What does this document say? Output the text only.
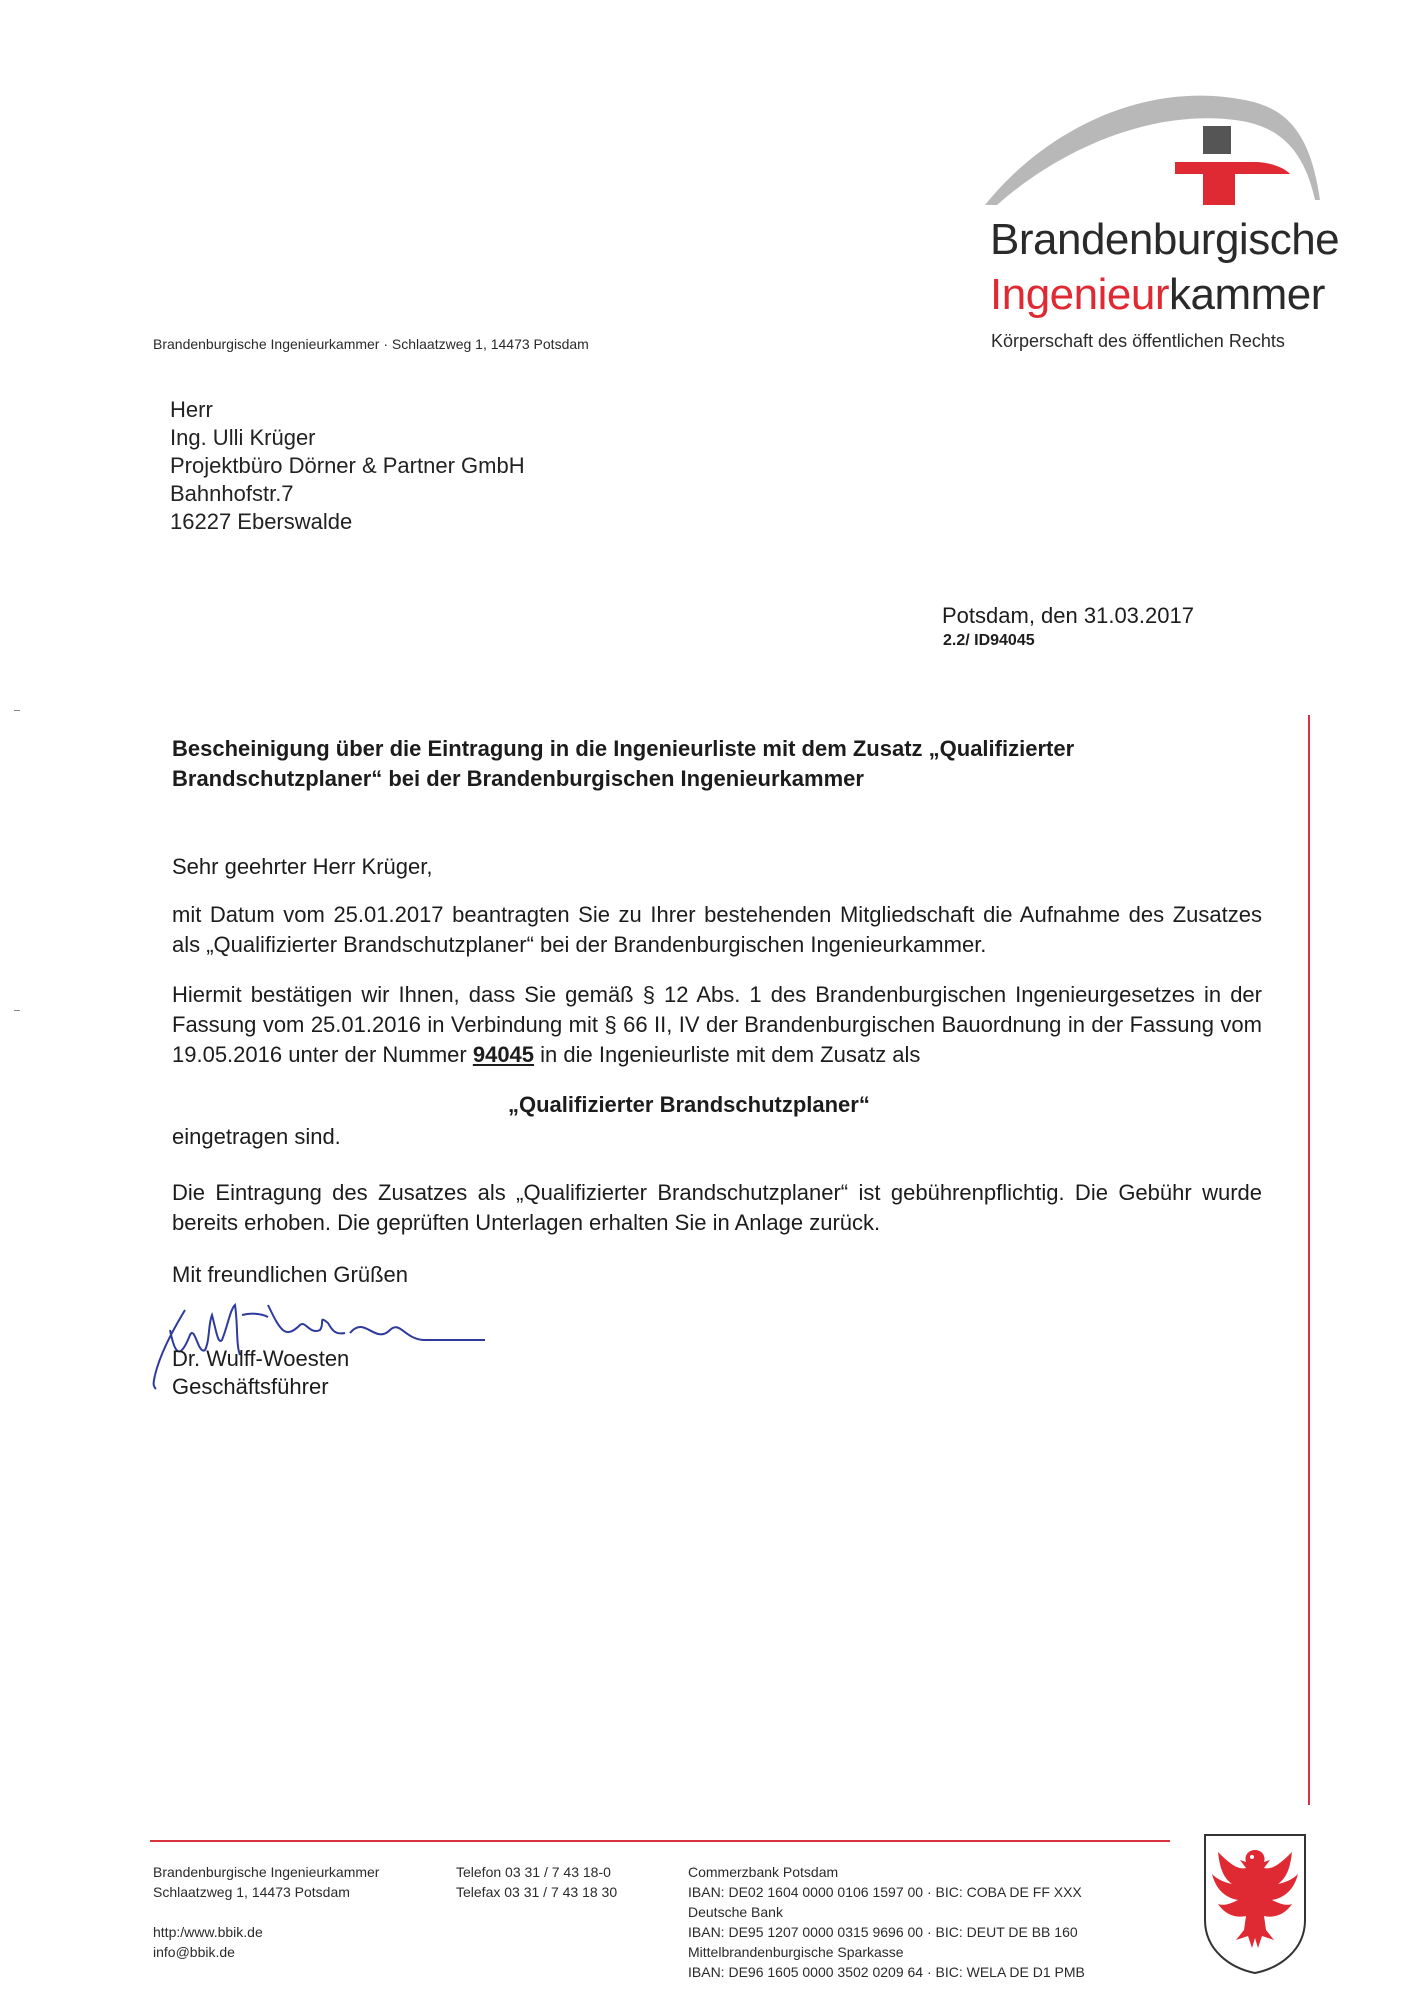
Brandenburgische
Ingenieurkammer
Körperschaft des öffentlichen Rechts
Brandenburgische Ingenieurkammer · Schlaatzweg 1, 14473 Potsdam
Herr
Ing. Ulli Krüger
Projektbüro Dörner & Partner GmbH
Bahnhofstr.7
16227 Eberswalde
Potsdam, den 31.03.2017
2.2/ ID94045
Bescheinigung über die Eintragung in die Ingenieurliste mit dem Zusatz „Qualifizierter Brandschutzplaner“ bei der Brandenburgischen Ingenieurkammer
Sehr geehrter Herr Krüger,
mit Datum vom 25.01.2017 beantragten Sie zu Ihrer bestehenden Mitgliedschaft die Aufnahme des Zusatzes als „Qualifizierter Brandschutzplaner“ bei der Brandenburgischen Ingenieurkammer.
Hiermit bestätigen wir Ihnen, dass Sie gemäß § 12 Abs. 1 des Brandenburgischen Ingenieurgesetzes in der Fassung vom 25.01.2016 in Verbindung mit § 66 II, IV der Brandenburgischen Bauordnung in der Fassung vom 19.05.2016 unter der Nummer 94045 in die Ingenieurliste mit dem Zusatz als
„Qualifizierter Brandschutzplaner“
eingetragen sind.
Die Eintragung des Zusatzes als „Qualifizierter Brandschutzplaner“ ist gebührenpflichtig. Die Gebühr wurde bereits erhoben. Die geprüften Unterlagen erhalten Sie in Anlage zurück.
Mit freundlichen Grüßen
Dr. Wulff-Woesten
Geschäftsführer
Brandenburgische Ingenieurkammer
Schlaatzweg 1, 14473 Potsdam
http:/www.bbik.de
info@bbik.de
Telefon 03 31 / 7 43 18-0
Telefax 03 31 / 7 43 18 30
Commerzbank Potsdam
IBAN: DE02 1604 0000 0106 1597 00 · BIC: COBA DE FF XXX
Deutsche Bank
IBAN: DE95 1207 0000 0315 9696 00 · BIC: DEUT DE BB 160
Mittelbrandenburgische Sparkasse
IBAN: DE96 1605 0000 3502 0209 64 · BIC: WELA DE D1 PMB
